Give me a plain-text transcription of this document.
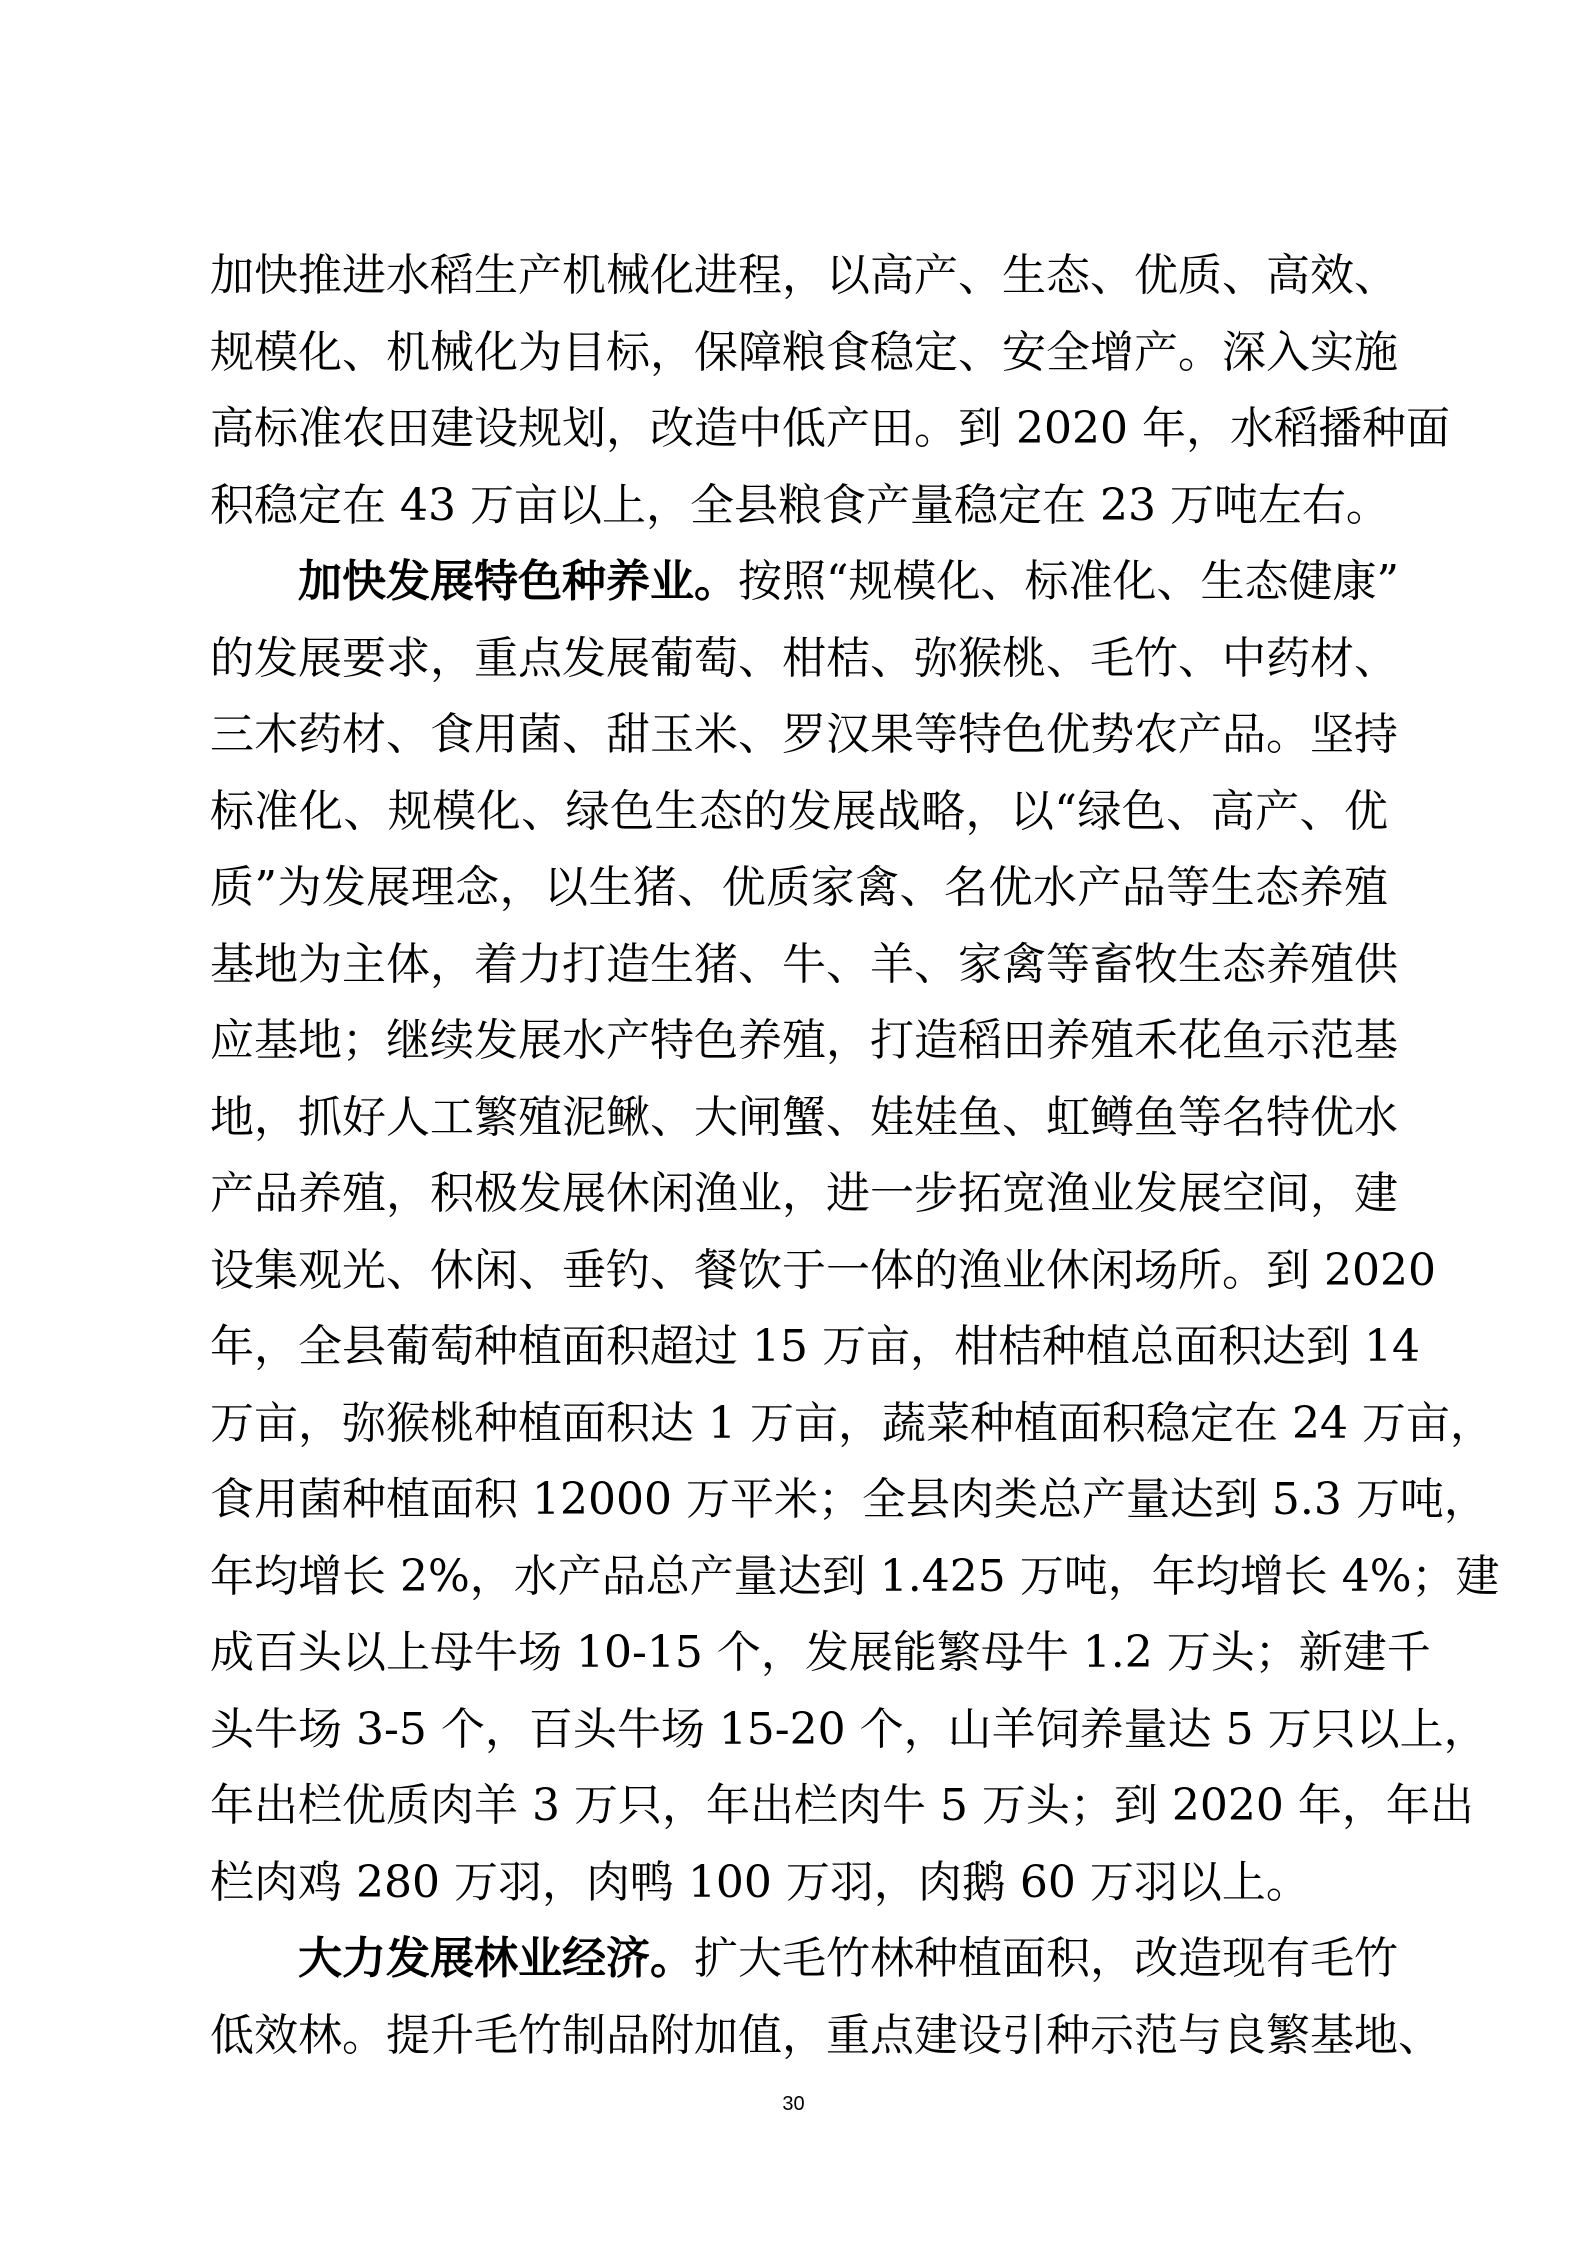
加快推进水稻生产机械化进程，以高产、生态、优质、高效、
规模化、机械化为目标，保障粮食稳定、安全增产。深入实施
高标准农田建设规划，改造中低产田。到 2020 年，水稻播种面
积稳定在 43 万亩以上，全县粮食产量稳定在 23 万吨左右。
加快发展特色种养业。按照“规模化、标准化、生态健康”
的发展要求，重点发展葡萄、柑桔、弥猴桃、毛竹、中药材、
三木药材、食用菌、甜玉米、罗汉果等特色优势农产品。坚持
标准化、规模化、绿色生态的发展战略，以“绿色、高产、优
质”为发展理念，以生猪、优质家禽、名优水产品等生态养殖
基地为主体，着力打造生猪、牛、羊、家禽等畜牧生态养殖供
应基地；继续发展水产特色养殖，打造稻田养殖禾花鱼示范基
地，抓好人工繁殖泥鳅、大闸蟹、娃娃鱼、虹鳟鱼等名特优水
产品养殖，积极发展休闲渔业，进一步拓宽渔业发展空间，建
设集观光、休闲、垂钓、餐饮于一体的渔业休闲场所。到 2020
年，全县葡萄种植面积超过 15 万亩，柑桔种植总面积达到 14
万亩，弥猴桃种植面积达 1 万亩，蔬菜种植面积稳定在 24 万亩，
食用菌种植面积 12000 万平米；全县肉类总产量达到 5.3 万吨，
年均增长 2%，水产品总产量达到 1.425 万吨，年均增长 4%；建
成百头以上母牛场 10-15 个，发展能繁母牛 1.2 万头；新建千
头牛场 3-5 个，百头牛场 15-20 个，山羊饲养量达 5 万只以上，
年出栏优质肉羊 3 万只，年出栏肉牛 5 万头；到 2020 年，年出
栏肉鸡 280 万羽，肉鸭 100 万羽，肉鹅 60 万羽以上。
大力发展林业经济。扩大毛竹林种植面积，改造现有毛竹
低效林。提升毛竹制品附加值，重点建设引种示范与良繁基地、
30
